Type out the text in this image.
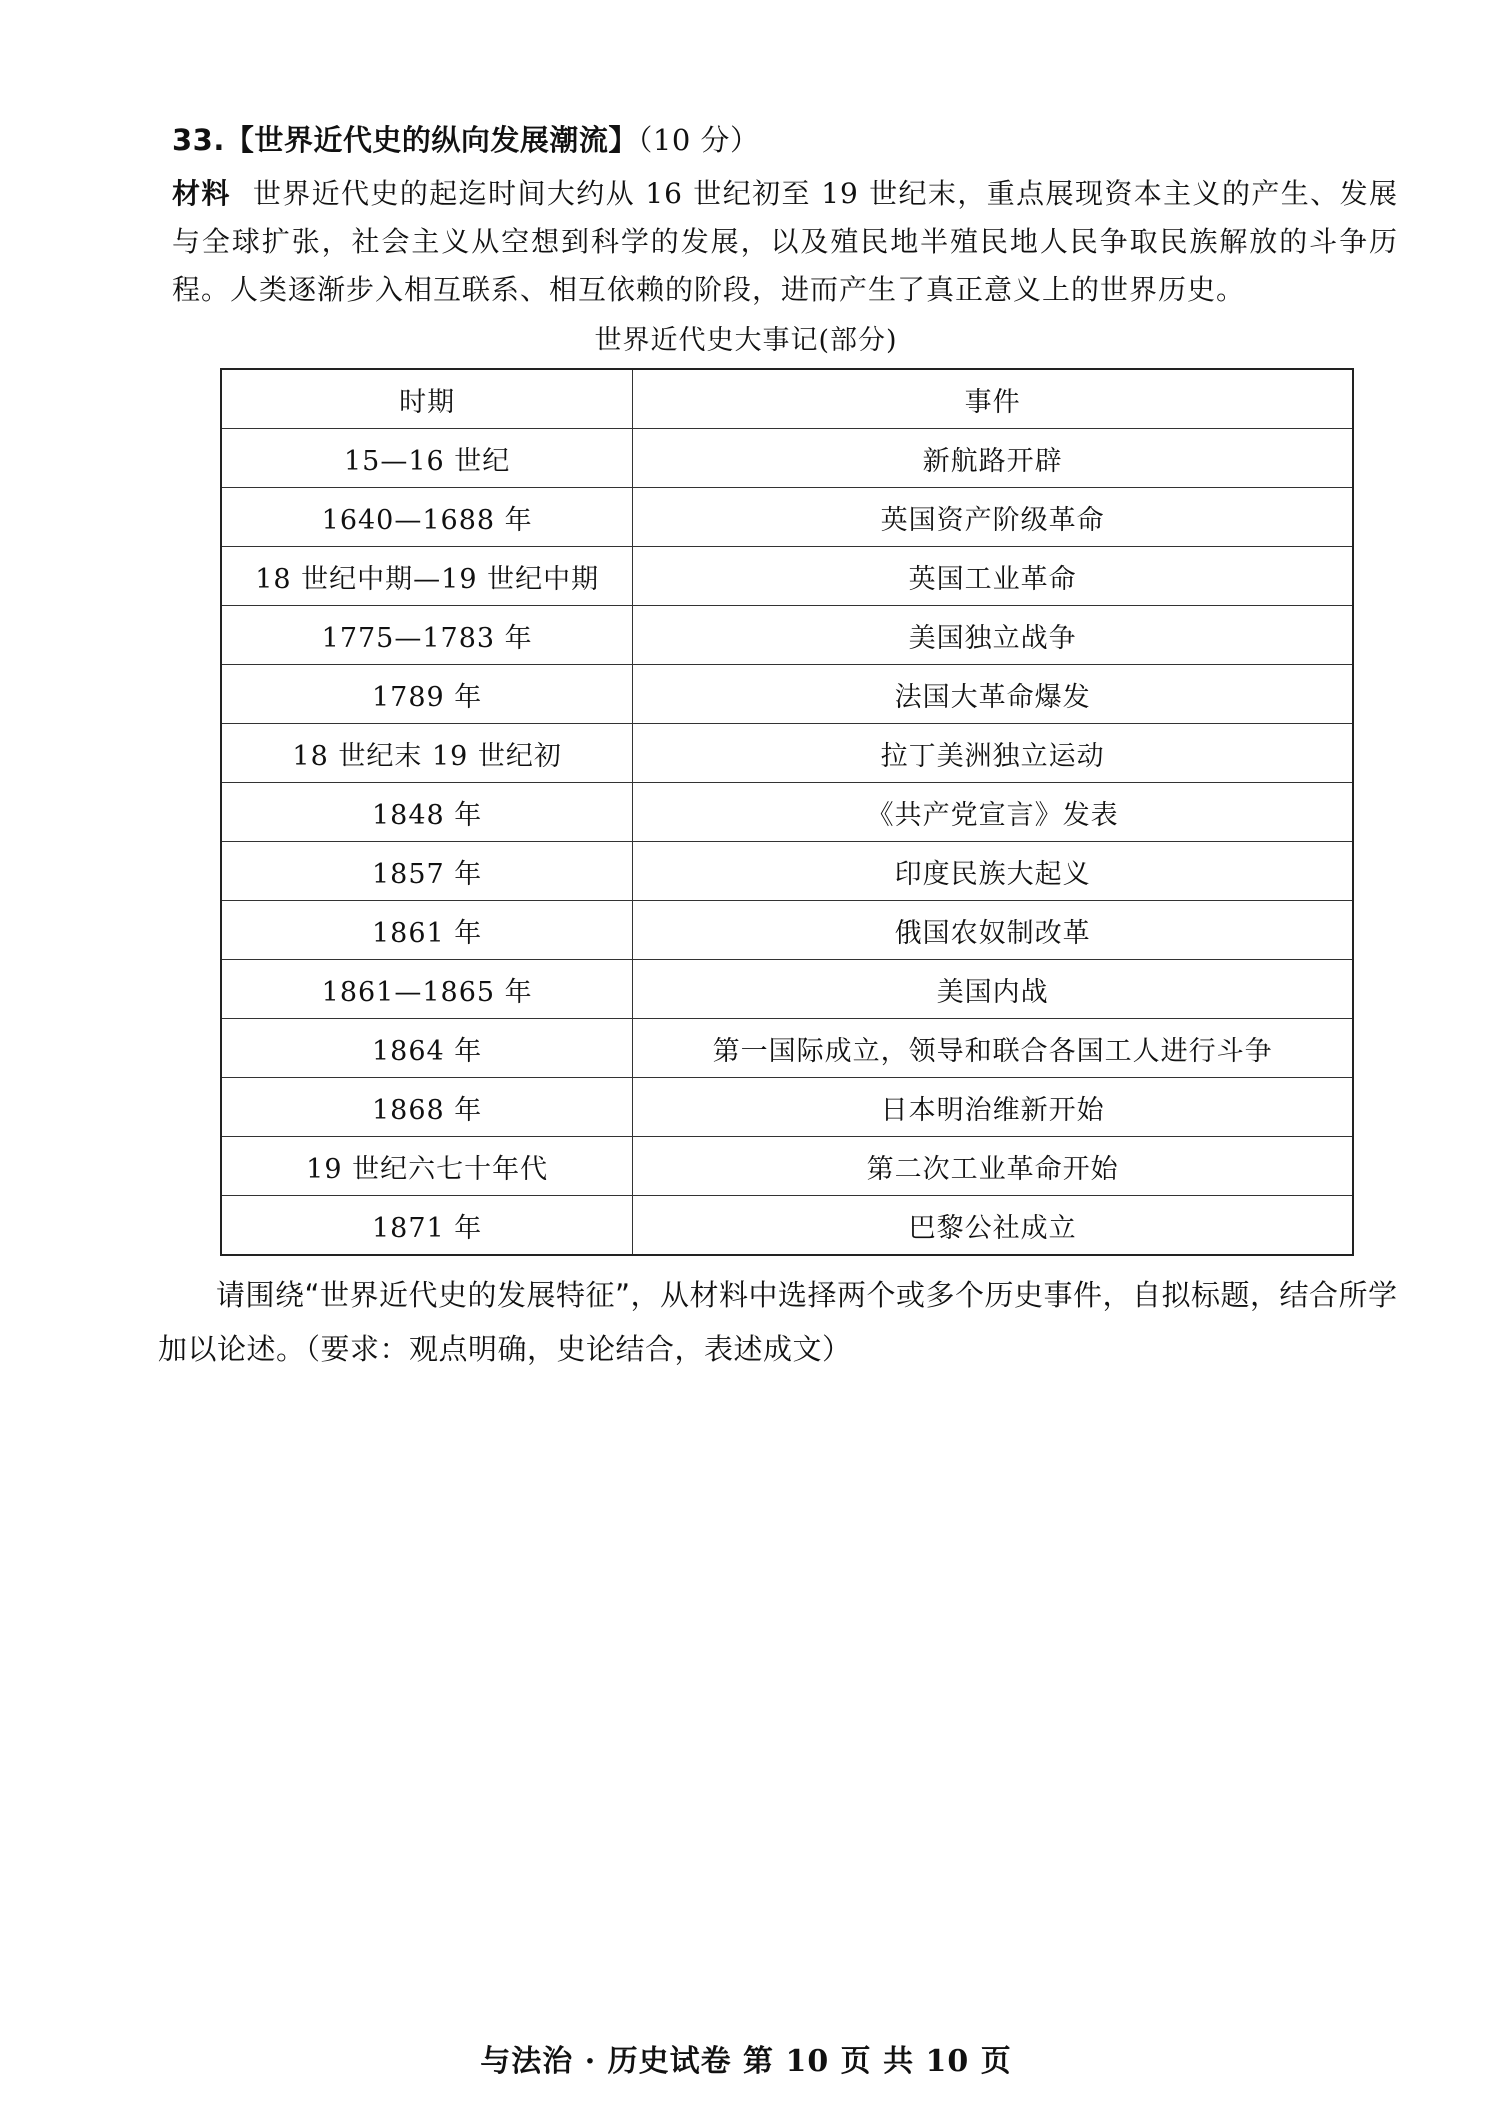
33.【世界近代史的纵向发展潮流】（10 分）
材料 世界近代史的起迄时间大约从 16 世纪初至 19 世纪末，重点展现资本主义的产生、发展与全球扩张，社会主义从空想到科学的发展，以及殖民地半殖民地人民争取民族解放的斗争历程。人类逐渐步入相互联系、相互依赖的阶段，进而产生了真正意义上的世界历史。
世界近代史大事记(部分)
时期	事件
15—16 世纪	新航路开辟
1640—1688 年	英国资产阶级革命
18 世纪中期—19 世纪中期	英国工业革命
1775—1783 年	美国独立战争
1789 年	法国大革命爆发
18 世纪末 19 世纪初	拉丁美洲独立运动
1848 年	《共产党宣言》发表
1857 年	印度民族大起义
1861 年	俄国农奴制改革
1861—1865 年	美国内战
1864 年	第一国际成立，领导和联合各国工人进行斗争
1868 年	日本明治维新开始
19 世纪六七十年代	第二次工业革命开始
1871 年	巴黎公社成立
请围绕“世界近代史的发展特征”，从材料中选择两个或多个历史事件，自拟标题，结合所学加以论述。（要求：观点明确，史论结合，表述成文）
与法治 · 历史试卷 第 10 页 共 10 页
